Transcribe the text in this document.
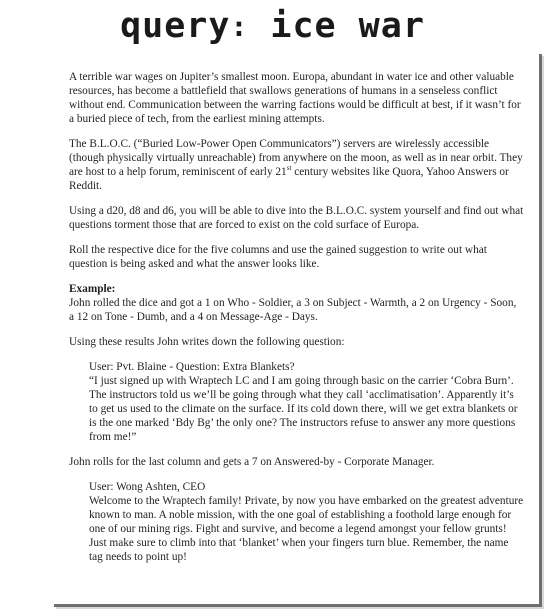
query: ice war

A terrible war wages on Jupiter’s smallest moon. Europa, abundant in water ice and other valuable resources, has become a battlefield that swallows generations of humans in a senseless conflict without end. Communication between the warring factions would be difficult at best, if it wasn’t for a buried piece of tech, from the earliest mining attempts.

The B.L.O.C. (“Buried Low-Power Open Communicators”) servers are wirelessly accessible (though physically virtually unreachable) from anywhere on the moon, as well as in near orbit. They are host to a help forum, reminiscent of early 21st century websites like Quora, Yahoo Answers or Reddit.

Using a d20, d8 and d6, you will be able to dive into the B.L.O.C. system yourself and find out what questions torment those that are forced to exist on the cold surface of Europa.

Roll the respective dice for the five columns and use the gained suggestion to write out what question is being asked and what the answer looks like.

Example:
John rolled the dice and got a 1 on Who - Soldier, a 3 on Subject - Warmth, a 2 on Urgency - Soon, a 12 on Tone - Dumb, and a 4 on Message-Age - Days.

Using these results John writes down the following question:

User: Pvt. Blaine - Question: Extra Blankets?
“I just signed up with Wraptech LC and I am going through basic on the carrier ‘Cobra Burn’. The instructors told us we’ll be going through what they call ‘acclimatisation’. Apparently it’s to get us used to the climate on the surface. If its cold down there, will we get extra blankets or is the one marked ‘Bdy Bg’ the only one? The instructors refuse to answer any more questions from me!”

John rolls for the last column and gets a 7 on Answered-by - Corporate Manager.

User: Wong Ashten, CEO
Welcome to the Wraptech family! Private, by now you have embarked on the greatest adventure known to man. A noble mission, with the one goal of establishing a foothold large enough for one of our mining rigs. Fight and survive, and become a legend amongst your fellow grunts! Just make sure to climb into that ‘blanket’ when your fingers turn blue. Remember, the name tag needs to point up!
